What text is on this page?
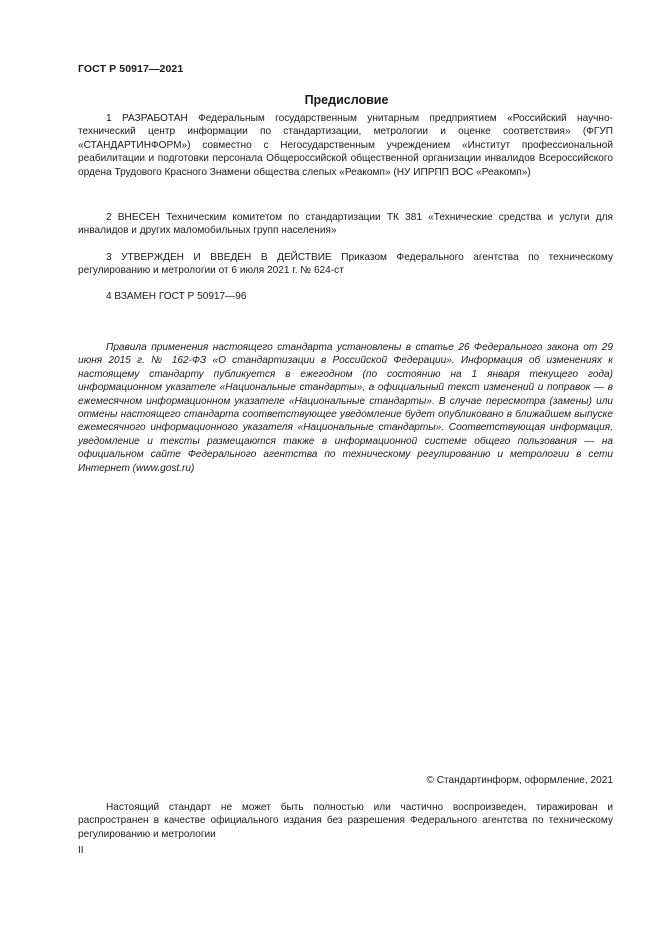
ГОСТ Р 50917—2021
Предисловие

1 РАЗРАБОТАН Федеральным государственным унитарным предприятием «Российский научно-технический центр информации по стандартизации, метрологии и оценке соответствия» (ФГУП «СТАНДАРТИНФОРМ») совместно с Негосударственным учреждением «Институт профессиональной реабилитации и подготовки персонала Общероссийской общественной организации инвалидов Всероссийского ордена Трудового Красного Знамени общества слепых «Реакомп» (НУ ИПРПП ВОС «Реакомп»)

2 ВНЕСЕН Техническим комитетом по стандартизации ТК 381 «Технические средства и услуги для инвалидов и других маломобильных групп населения»

3 УТВЕРЖДЕН И ВВЕДЕН В ДЕЙСТВИЕ Приказом Федерального агентства по техническому регулированию и метрологии от 6 июля 2021 г. № 624-ст

4 ВЗАМЕН ГОСТ Р 50917—96

Правила применения настоящего стандарта установлены в статье 26 Федерального закона от 29 июня 2015 г. № 162-ФЗ «О стандартизации в Российской Федерации». Информация об изменениях к настоящему стандарту публикуется в ежегодном (по состоянию на 1 января текущего года) информационном указателе «Национальные стандарты», а официальный текст изменений и поправок — в ежемесячном информационном указателе «Национальные стандарты». В случае пересмотра (замены) или отмены настоящего стандарта соответствующее уведомление будет опубликовано в ближайшем выпуске ежемесячного информационного указателя «Национальные стандарты». Соответствующая информация, уведомление и тексты размещаются также в информационной системе общего пользования — на официальном сайте Федерального агентства по техническому регулированию и метрологии в сети Интернет (www.gost.ru)

© Стандартинформ, оформление, 2021

Настоящий стандарт не может быть полностью или частично воспроизведен, тиражирован и распространен в качестве официального издания без разрешения Федерального агентства по техническому регулированию и метрологии

II
